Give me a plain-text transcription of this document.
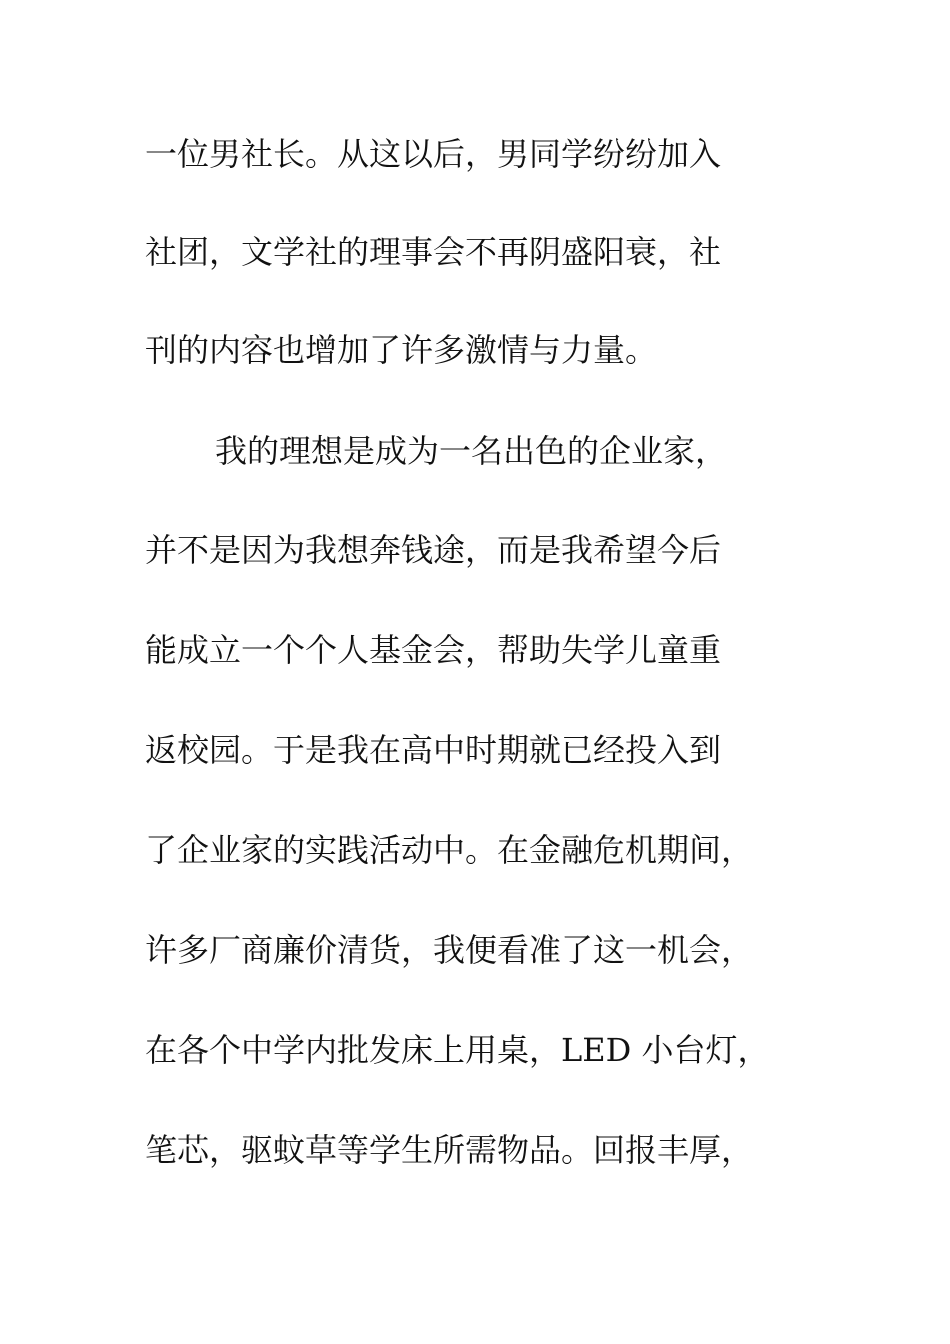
一位男社长。从这以后，男同学纷纷加入
社团，文学社的理事会不再阴盛阳衰，社
刊的内容也增加了许多激情与力量。
我的理想是成为一名出色的企业家，
并不是因为我想奔钱途，而是我希望今后
能成立一个个人基金会，帮助失学儿童重
返校园。于是我在高中时期就已经投入到
了企业家的实践活动中。在金融危机期间，
许多厂商廉价清货，我便看准了这一机会，
在各个中学内批发床上用桌，LED 小台灯，
笔芯，驱蚊草等学生所需物品。回报丰厚，
